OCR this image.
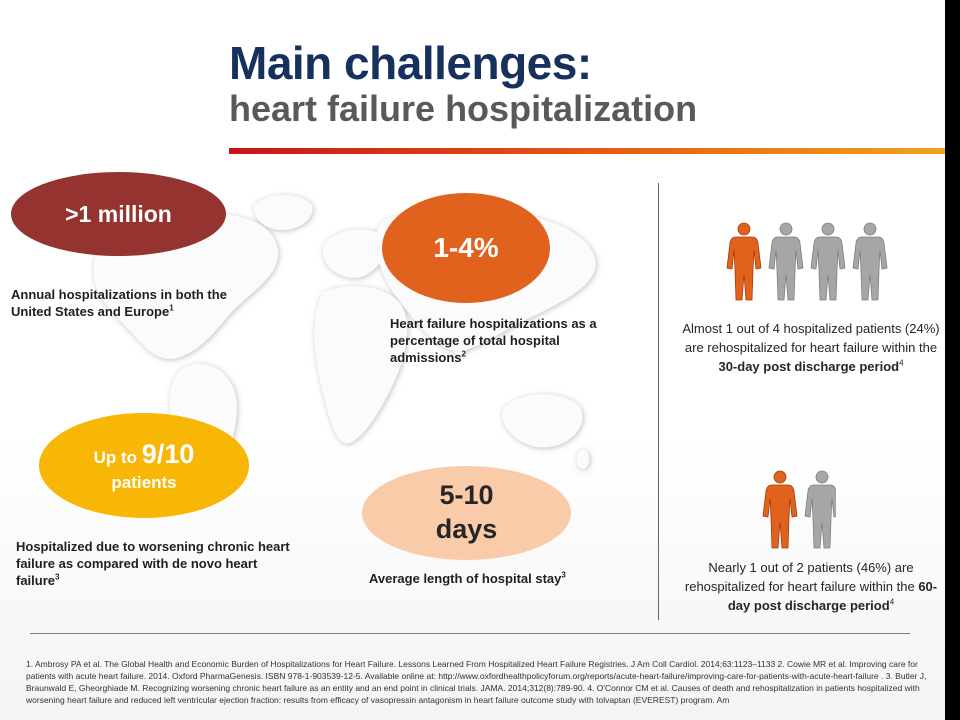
Main challenges:
heart failure hospitalization
>1 million
Annual hospitalizations in both the United States and Europe$^1$
1-4%
Heart failure hospitalizations as a percentage of total hospital admissions$^2$
Up to 9/10
patients
Hospitalized due to worsening chronic heart failure as compared with de novo heart failure$^3$
5-10
days
Average length of hospital stay$^3$
Almost 1 out of 4 hospitalized patients (24%) are rehospitalized for heart failure within the 30-day post discharge period$^4$
Nearly 1 out of 2 patients (46%) are rehospitalized for heart failure within the 60-day post discharge period$^4$

1. Ambrosy PA et al. The Global Health and Economic Burden of Hospitalizations for Heart Failure. Lessons Learned From Hospitalized Heart Failure Registries. J Am Coll Cardiol. 2014;63:1123–1133 2. Cowie MR et al. Improving care for patients with acute heart failure. 2014. Oxford PharmaGenesis. ISBN 978-1-903539-12-5. Available online at: http://www.oxfordhealthpolicyforum.org/reports/acute-heart-failure/improving-care-for-patients-with-acute-heart-failure . 3. Butler J, Braunwald E, Gheorghiade M. Recognizing worsening chronic heart failure as an entity and an end point in clinical trials. JAMA. 2014;312(8):789-90. 4. O'Connor CM et al. Causes of death and rehospitalization in patients hospitalized with worsening heart failure and reduced left ventricular ejection fraction: results from efficacy of vasopressin antagonism in heart failure outcome study with tolvaptan (EVEREST) program. Am
